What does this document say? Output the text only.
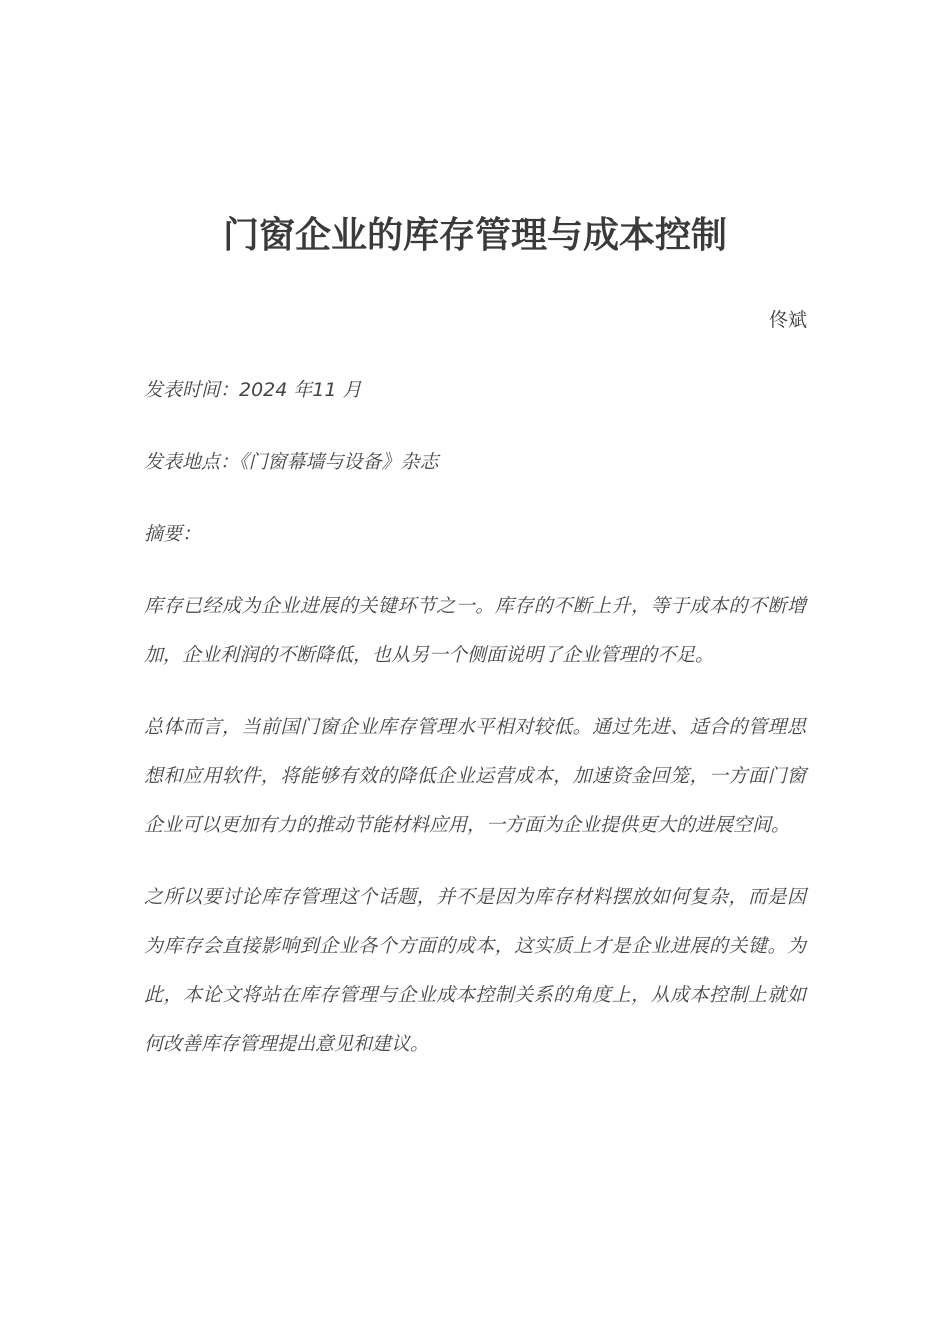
门窗企业的库存管理与成本控制
佟斌
发表时间：2024 年11 月
发表地点：《门窗幕墙与设备》杂志
摘要：

库存已经成为企业进展的关键环节之一。库存的不断上升，等于成本的不断增加，企业利润的不断降低，也从另一个侧面说明了企业管理的不足。

总体而言，当前国门窗企业库存管理水平相对较低。通过先进、适合的管理思想和应用软件，将能够有效的降低企业运营成本，加速资金回笼，一方面门窗企业可以更加有力的推动节能材料应用，一方面为企业提供更大的进展空间。

之所以要讨论库存管理这个话题，并不是因为库存材料摆放如何复杂，而是因为库存会直接影响到企业各个方面的成本，这实质上才是企业进展的关键。为此，本论文将站在库存管理与企业成本控制关系的角度上，从成本控制上就如何改善库存管理提出意见和建议。
